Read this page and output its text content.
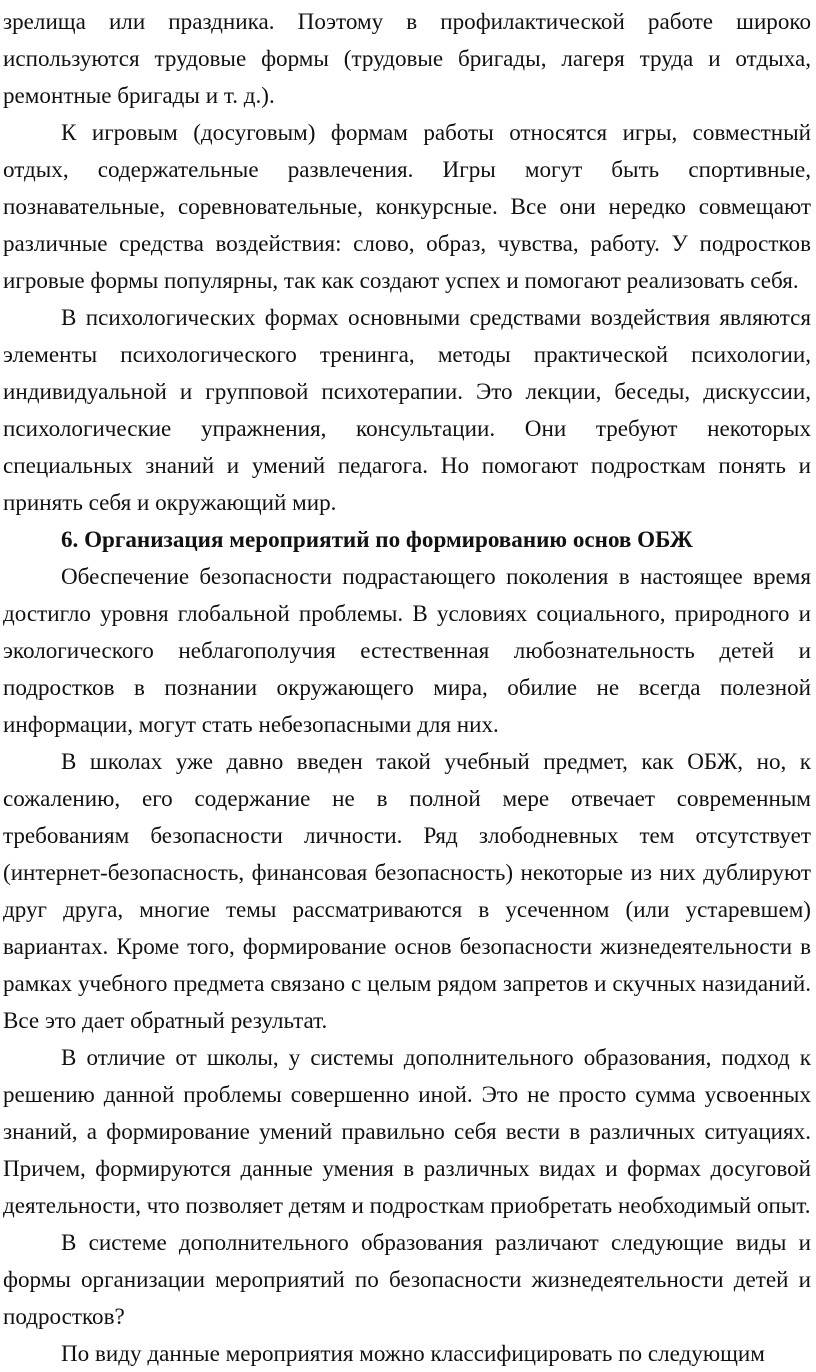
зрелища или праздника. Поэтому в профилактической работе широко используются трудовые формы (трудовые бригады, лагеря труда и отдыха, ремонтные бригады и т. д.).

К игровым (досуговым) формам работы относятся игры, совместный отдых, содержательные развлечения. Игры могут быть спортивные, познавательные, соревновательные, конкурсные. Все они нередко совмещают различные средства воздействия: слово, образ, чувства, работу. У подростков игровые формы популярны, так как создают успех и помогают реализовать себя.

В психологических формах основными средствами воздействия являются элементы психологического тренинга, методы практической психологии, индивидуальной и групповой психотерапии. Это лекции, беседы, дискуссии, психологические упражнения, консультации. Они требуют некоторых специальных знаний и умений педагога. Но помогают подросткам понять и принять себя и окружающий мир.

6. Организация мероприятий по формированию основ ОБЖ

Обеспечение безопасности подрастающего поколения в настоящее время достигло уровня глобальной проблемы. В условиях социального, природного и экологического неблагополучия естественная любознательность детей и подростков в познании окружающего мира, обилие не всегда полезной информации, могут стать небезопасными для них.

В школах уже давно введен такой учебный предмет, как ОБЖ, но, к сожалению, его содержание не в полной мере отвечает современным требованиям безопасности личности. Ряд злободневных тем отсутствует (интернет-безопасность, финансовая безопасность) некоторые из них дублируют друг друга, многие темы рассматриваются в усеченном (или устаревшем) вариантах. Кроме того, формирование основ безопасности жизнедеятельности в рамках учебного предмета связано с целым рядом запретов и скучных назиданий. Все это дает обратный результат.

В отличие от школы, у системы дополнительного образования, подход к решению данной проблемы совершенно иной. Это не просто сумма усвоенных знаний, а формирование умений правильно себя вести в различных ситуациях. Причем, формируются данные умения в различных видах и формах досуговой деятельности, что позволяет детям и подросткам приобретать необходимый опыт.

В системе дополнительного образования различают следующие виды и формы организации мероприятий по безопасности жизнедеятельности детей и подростков?

По виду данные мероприятия можно классифицировать по следующим
